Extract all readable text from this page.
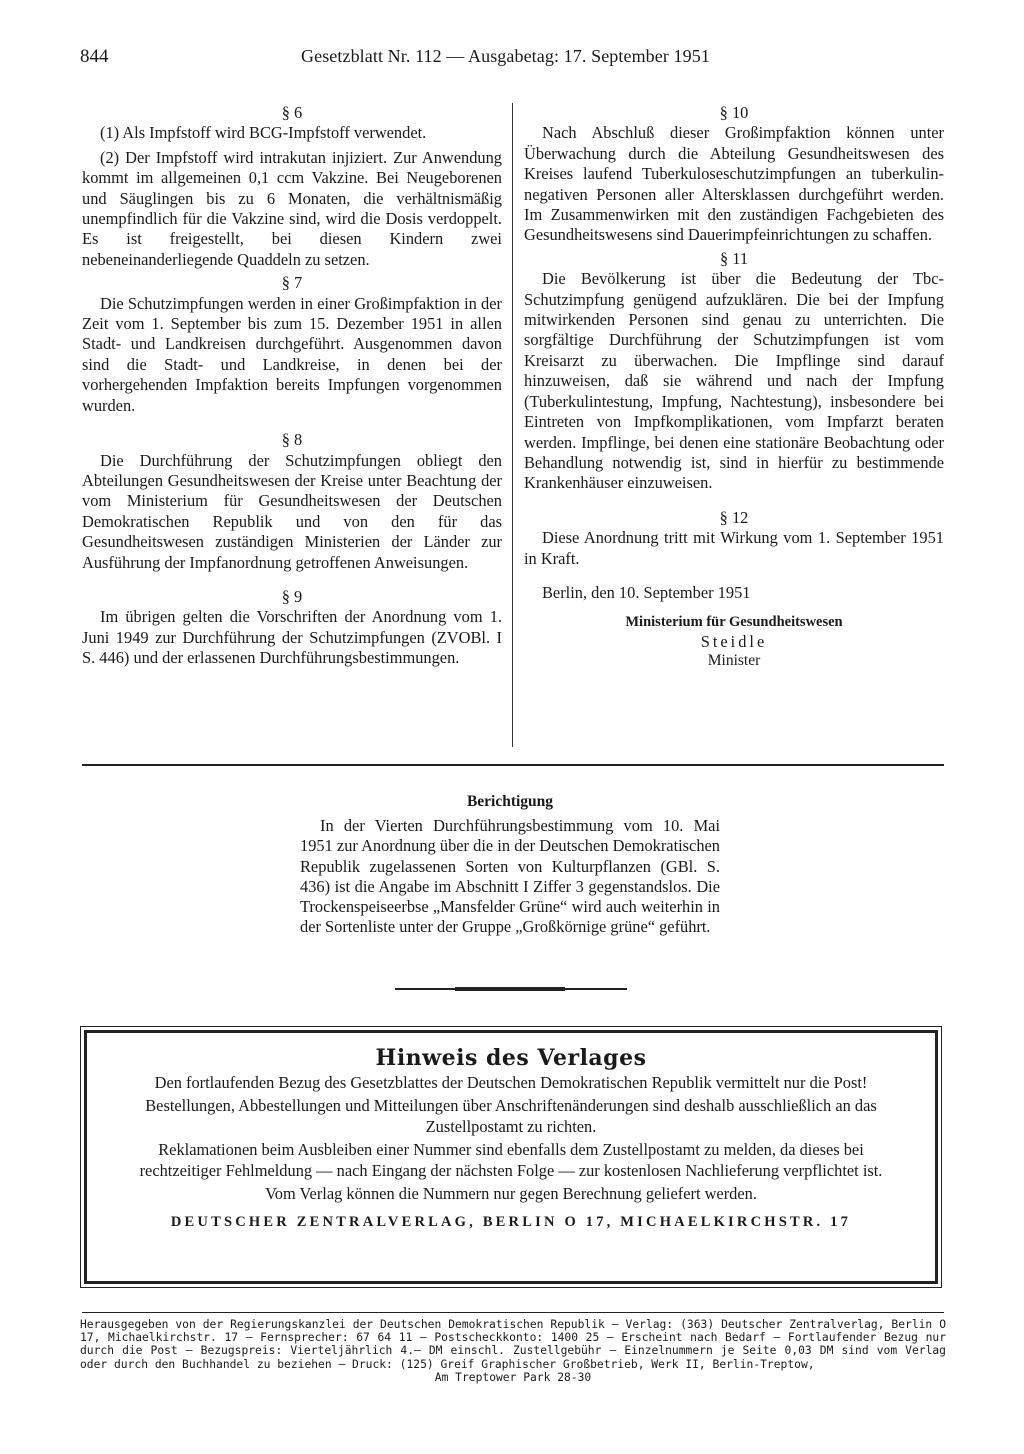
844	Gesetzblatt Nr. 112 — Ausgabetag: 17. September 1951

§ 6

(1) Als Impfstoff wird BCG-Impfstoff verwendet.

(2) Der Impfstoff wird intrakutan injiziert. Zur Anwendung kommt im allgemeinen 0,1 ccm Vakzine. Bei Neugeborenen und Säuglingen bis zu 6 Monaten, die verhältnismäßig unempfindlich für die Vakzine sind, wird die Dosis verdoppelt. Es ist freigestellt, bei diesen Kindern zwei nebeneinanderliegende Quaddeln zu setzen.

§ 7

Die Schutzimpfungen werden in einer Großimpfaktion in der Zeit vom 1. September bis zum 15. Dezember 1951 in allen Stadt- und Landkreisen durchgeführt. Ausgenommen davon sind die Stadt- und Landkreise, in denen bei der vorhergehenden Impfaktion bereits Impfungen vorgenommen wurden.

§ 8

Die Durchführung der Schutzimpfungen obliegt den Abteilungen Gesundheitswesen der Kreise unter Beachtung der vom Ministerium für Gesundheitswesen der Deutschen Demokratischen Republik und von den für das Gesundheitswesen zuständigen Ministerien der Länder zur Ausführung der Impfanordnung getroffenen Anweisungen.

§ 9

Im übrigen gelten die Vorschriften der Anordnung vom 1. Juni 1949 zur Durchführung der Schutzimpfungen (ZVOBl. I S. 446) und der erlassenen Durchführungsbestimmungen.

§ 10

Nach Abschluß dieser Großimpfaktion können unter Überwachung durch die Abteilung Gesundheitswesen des Kreises laufend Tuberkuloseschutzimpfungen an tuberkulin-negativen Personen aller Altersklassen durchgeführt werden. Im Zusammenwirken mit den zuständigen Fachgebieten des Gesundheitswesens sind Dauerimpfeinrichtungen zu schaffen.

§ 11

Die Bevölkerung ist über die Bedeutung der Tbc-Schutzimpfung genügend aufzuklären. Die bei der Impfung mitwirkenden Personen sind genau zu unterrichten. Die sorgfältige Durchführung der Schutzimpfungen ist vom Kreisarzt zu überwachen. Die Impflinge sind darauf hinzuweisen, daß sie während und nach der Impfung (Tuberkulintestung, Impfung, Nachtestung), insbesondere bei Eintreten von Impfkomplikationen, vom Impfarzt beraten werden. Impflinge, bei denen eine stationäre Beobachtung oder Behandlung notwendig ist, sind in hierfür zu bestimmende Krankenhäuser einzuweisen.

§ 12

Diese Anordnung tritt mit Wirkung vom 1. September 1951 in Kraft.

Berlin, den 10. September 1951

Ministerium für Gesundheitswesen
Steidle
Minister
Berichtigung

In der Vierten Durchführungsbestimmung vom 10. Mai 1951 zur Anordnung über die in der Deutschen Demokratischen Republik zugelassenen Sorten von Kulturpflanzen (GBl. S. 436) ist die Angabe im Abschnitt I Ziffer 3 gegenstandslos. Die Trockenspeiseerbse „Mansfelder Grüne“ wird auch weiterhin in der Sortenliste unter der Gruppe „Großkörnige grüne“ geführt.

Hinweis des Verlages

Den fortlaufenden Bezug des Gesetzblattes der Deutschen Demokratischen Republik vermittelt nur die Post!

Bestellungen, Abbestellungen und Mitteilungen über Anschriftenänderungen sind deshalb ausschließlich an das Zustellpostamt zu richten.

Reklamationen beim Ausbleiben einer Nummer sind ebenfalls dem Zustellpostamt zu melden, da dieses bei rechtzeitiger Fehlmeldung — nach Eingang der nächsten Folge — zur kostenlosen Nachlieferung verpflichtet ist.

Vom Verlag können die Nummern nur gegen Berechnung geliefert werden.

DEUTSCHER ZENTRALVERLAG, BERLIN O 17, MICHAELKIRCHSTR. 17
Herausgegeben von der Regierungskanzlei der Deutschen Demokratischen Republik — Verlag: (363) Deutscher Zentralverlag, Berlin O 17, Michaelkirchstr. 17 — Fernsprecher: 67 64 11 — Postscheckkonto: 1400 25 — Erscheint nach Bedarf — Fortlaufender Bezug nur durch die Post — Bezugspreis: Vierteljährlich 4.— DM einschl. Zustellgebühr — Einzelnummern je Seite 0,03 DM sind vom Verlag oder durch den Buchhandel zu beziehen — Druck: (125) Greif Graphischer Großbetrieb, Werk II, Berlin-Treptow,
Am Treptower Park 28-30
